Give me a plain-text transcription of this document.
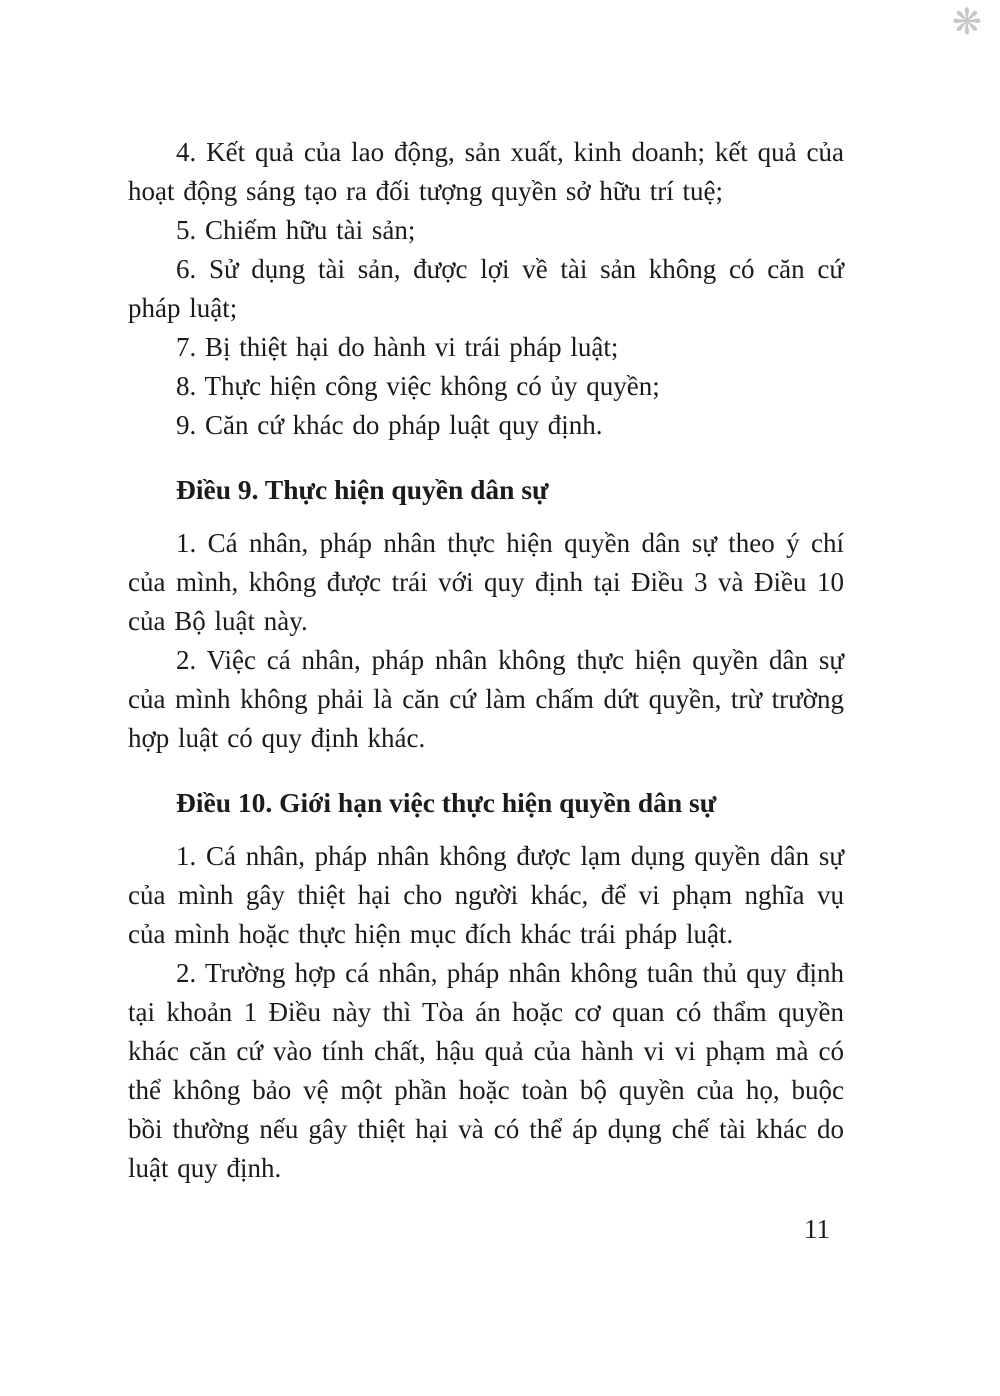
❋

4. Kết quả của lao động, sản xuất, kinh doanh; kết quả của hoạt động sáng tạo ra đối tượng quyền sở hữu trí tuệ;

5. Chiếm hữu tài sản;

6. Sử dụng tài sản, được lợi về tài sản không có căn cứ pháp luật;

7. Bị thiệt hại do hành vi trái pháp luật;

8. Thực hiện công việc không có ủy quyền;

9. Căn cứ khác do pháp luật quy định.

Điều 9. Thực hiện quyền dân sự

1. Cá nhân, pháp nhân thực hiện quyền dân sự theo ý chí của mình, không được trái với quy định tại Điều 3 và Điều 10 của Bộ luật này.

2. Việc cá nhân, pháp nhân không thực hiện quyền dân sự của mình không phải là căn cứ làm chấm dứt quyền, trừ trường hợp luật có quy định khác.

Điều 10. Giới hạn việc thực hiện quyền dân sự

1. Cá nhân, pháp nhân không được lạm dụng quyền dân sự của mình gây thiệt hại cho người khác, để vi phạm nghĩa vụ của mình hoặc thực hiện mục đích khác trái pháp luật.

2. Trường hợp cá nhân, pháp nhân không tuân thủ quy định tại khoản 1 Điều này thì Tòa án hoặc cơ quan có thẩm quyền khác căn cứ vào tính chất, hậu quả của hành vi vi phạm mà có thể không bảo vệ một phần hoặc toàn bộ quyền của họ, buộc bồi thường nếu gây thiệt hại và có thể áp dụng chế tài khác do luật quy định.

11
